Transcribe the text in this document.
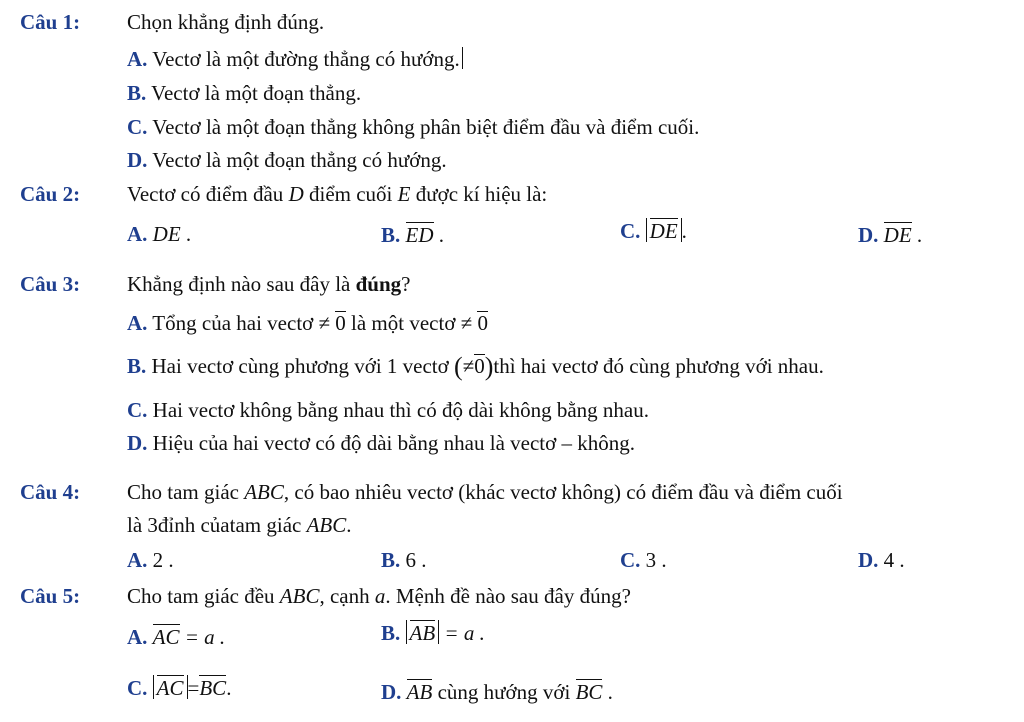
Câu 1: Chọn khẳng định đúng.
A. Vectơ là một đường thẳng có hướng.
B. Vectơ là một đoạn thẳng.
C. Vectơ là một đoạn thẳng không phân biệt điểm đầu và điểm cuối.
D. Vectơ là một đoạn thẳng có hướng.
Câu 2: Vectơ có điểm đầu D điểm cuối E được kí hiệu là:
A. DE .	B. ED .	C. DE .	D. DE .
Câu 3: Khẳng định nào sau đây là đúng?
A. Tổng của hai vectơ ≠ 0 là một vectơ ≠ 0
B. Hai vectơ cùng phương với 1 vectơ (≠0)thì hai vectơ đó cùng phương với nhau.
C. Hai vectơ không bằng nhau thì có độ dài không bằng nhau.
D. Hiệu của hai vectơ có độ dài bằng nhau là vectơ – không.
Câu 4: Cho tam giác ABC, có bao nhiêu vectơ (khác vectơ không) có điểm đầu và điểm cuối
là 3đỉnh củatam giác ABC.
A. 2 .	B. 6 .	C. 3 .	D. 4 .
Câu 5: Cho tam giác đều ABC, cạnh a. Mệnh đề nào sau đây đúng?
A. AC = a .	B. AB = a .
C. AC =BC.	D. AB cùng hướng với BC .
